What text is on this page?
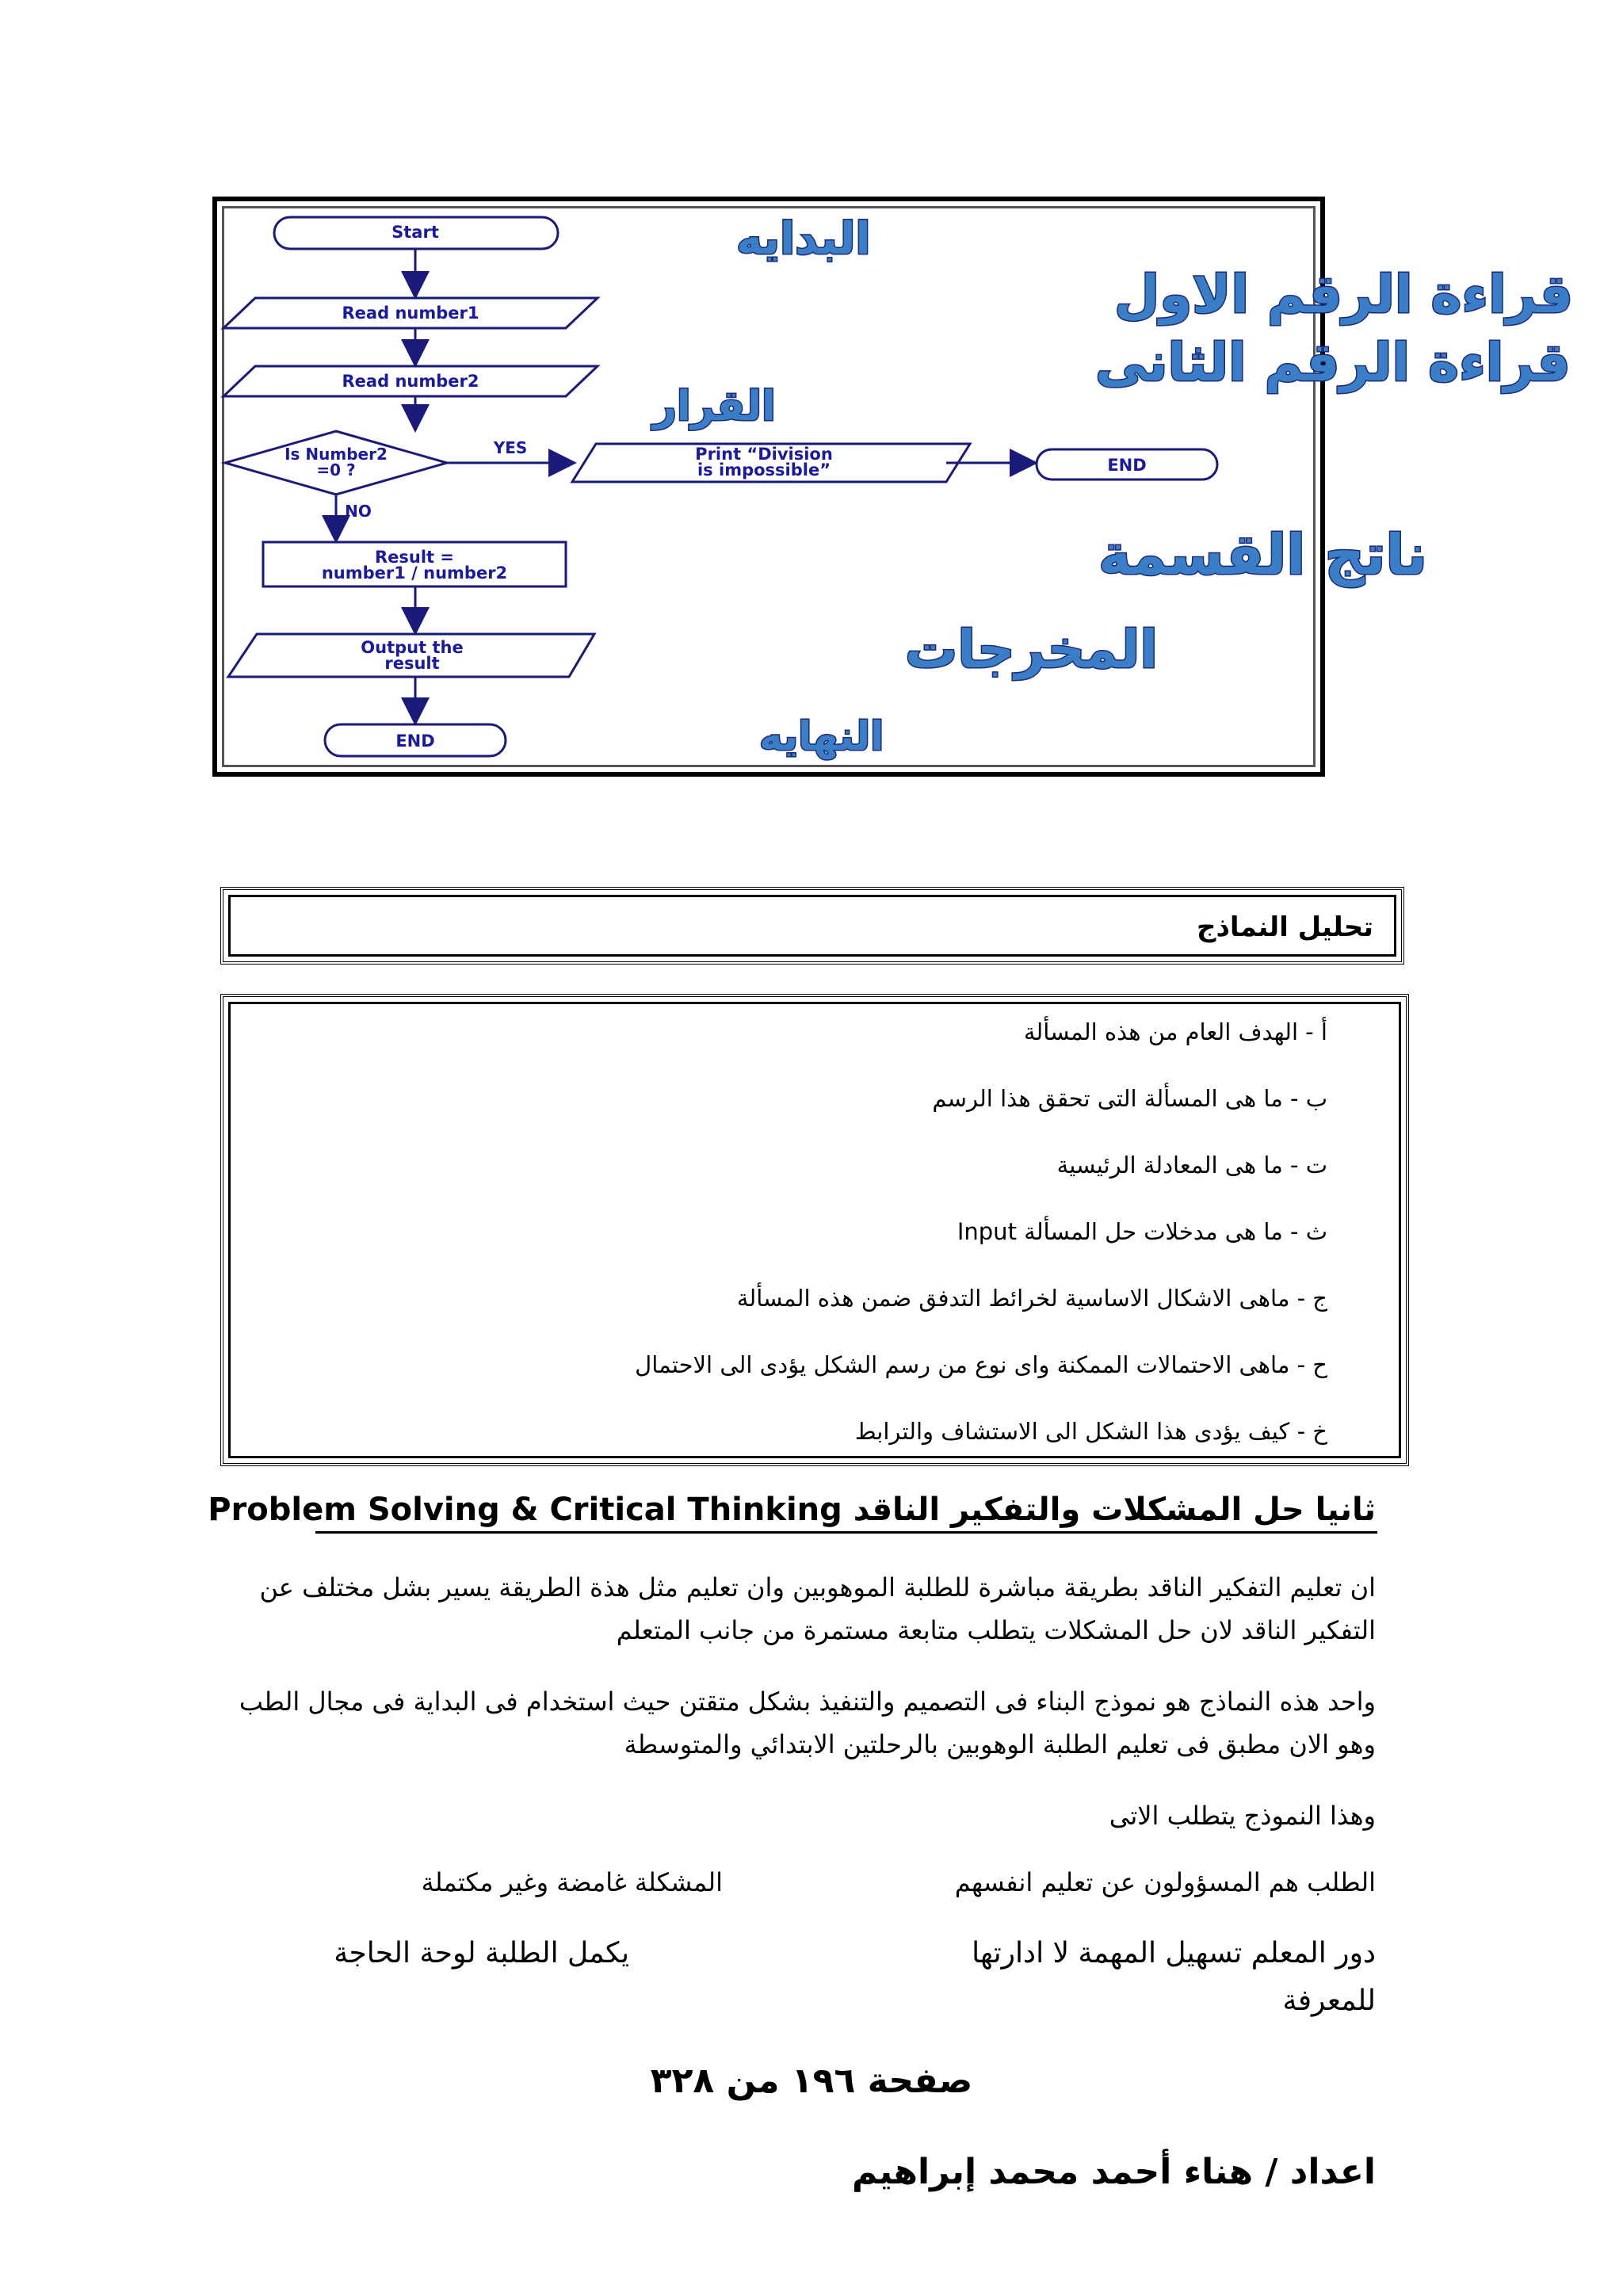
Start
Read number1
Read number2
Is Number2
=0 ?
YES
NO
Print “Division
is impossible”	END
Result =
number1 / number2
Output the
result
END
البدايه
قراءة الرقم الاول
قراءة الرقم الثانى
القرار
ناتج القسمة
المخرجات
النهايه
تحليل النماذج
أ - الهدف العام من هذه المسألة
ب - ما هى المسألة التى تحقق هذا الرسم
ت - ما هى المعادلة الرئيسية
ث - ما هى مدخلات حل المسألة Input
ج - ماهى الاشكال الاساسية لخرائط التدفق ضمن هذه المسألة
ح - ماهى الاحتمالات الممكنة واى نوع من رسم الشكل يؤدى الى الاحتمال
خ - كيف يؤدى هذا الشكل الى الاستشاف والترابط
ثانيا حل المشكلات والتفكير الناقد Problem Solving & Critical Thinking
ان تعليم التفكير الناقد بطريقة مباشرة للطلبة الموهوبين وان تعليم مثل هذة الطريقة يسير بشل مختلف عن
التفكير الناقد لان حل المشكلات يتطلب متابعة مستمرة من جانب المتعلم
واحد هذه النماذج هو نموذج البناء فى التصميم والتنفيذ بشكل متقتن حيث استخدام فى البداية فى مجال الطب
وهو الان مطبق فى تعليم الطلبة الوهوبين بالرحلتين الابتدائي والمتوسطة
وهذا النموذج يتطلب الاتى
الطلب هم المسؤولون عن تعليم انفسهم
المشكلة غامضة وغير مكتملة
دور المعلم تسهيل المهمة لا ادارتها
للمعرفة
يكمل الطلبة لوحة الحاجة
صفحة ١٩٦ من ٣٢٨
اعداد / هناء أحمد محمد إبراهيم
